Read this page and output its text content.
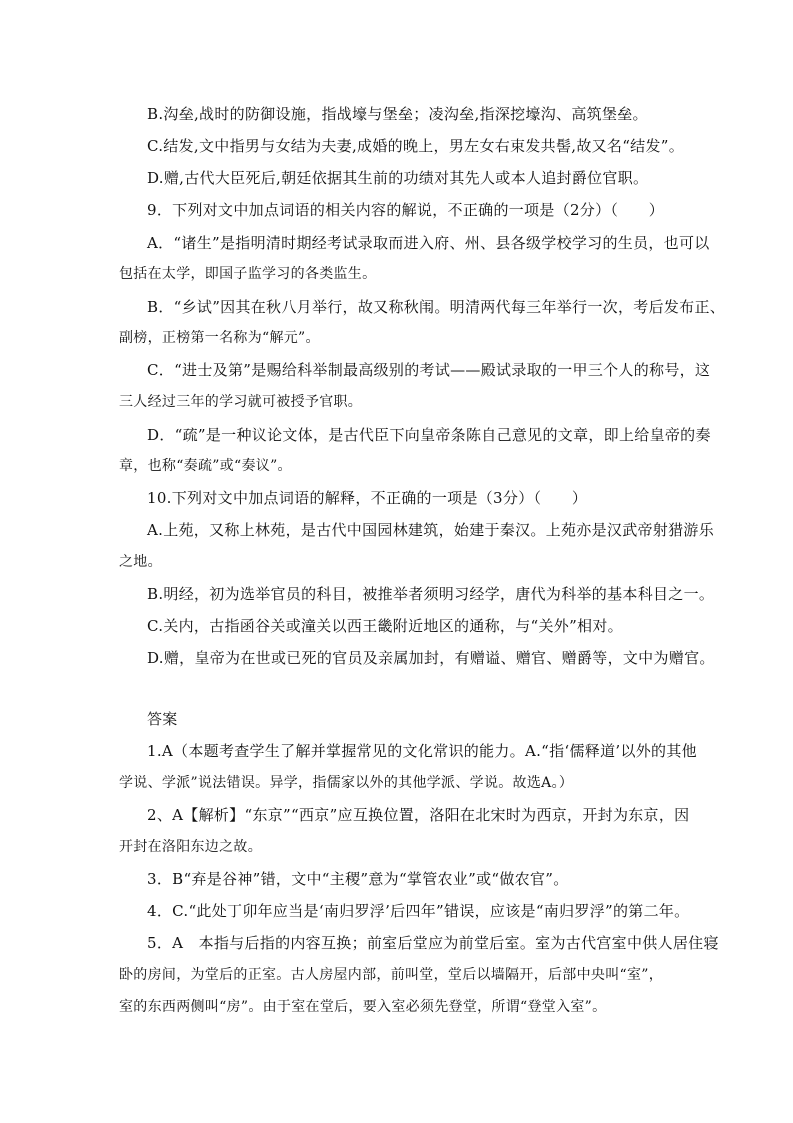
B.沟垒,战时的防御设施，指战壕与堡垒；凌沟垒,指深挖壕沟、高筑堡垒。
C.结发,文中指男与女结为夫妻,成婚的晚上，男左女右束发共髻,故又名“结发”。
D.赠,古代大臣死后,朝廷依据其生前的功绩对其先人或本人追封爵位官职。
9．下列对文中加点词语的相关内容的解说，不正确的一项是（2分）（　　）
A．“诸生”是指明清时期经考试录取而进入府、州、县各级学校学习的生员，也可以
包括在太学，即国子监学习的各类监生。
B．“乡试”因其在秋八月举行，故又称秋闱。明清两代每三年举行一次，考后发布正、
副榜，正榜第一名称为“解元”。
C．“进士及第”是赐给科举制最高级别的考试——殿试录取的一甲三个人的称号，这
三人经过三年的学习就可被授予官职。
D．“疏”是一种议论文体，是古代臣下向皇帝条陈自己意见的文章，即上给皇帝的奏
章，也称“奏疏”或“奏议”。
10.下列对文中加点词语的解释，不正确的一项是（3分）（　　）
A.上苑，又称上林苑，是古代中国园林建筑，始建于秦汉。上苑亦是汉武帝射猎游乐
之地。
B.明经，初为选举官员的科目，被推举者须明习经学，唐代为科举的基本科目之一。
C.关内，古指函谷关或潼关以西王畿附近地区的通称，与“关外”相对。
D.赠，皇帝为在世或已死的官员及亲属加封，有赠谥、赠官、赠爵等，文中为赠官。
答案
1.A（本题考查学生了解并掌握常见的文化常识的能力。A.“指‘儒释道’以外的其他
学说、学派”说法错误。异学，指儒家以外的其他学派、学说。故选A。）
2、A【解析】“东京”“西京”应互换位置，洛阳在北宋时为西京，开封为东京，因
开封在洛阳东边之故。
3．B“弃是谷神”错，文中“主稷”意为“掌管农业”或“做农官”。
4．C.“此处丁卯年应当是‘南归罗浮’后四年”错误，应该是“南归罗浮”的第二年。
5．A　本指与后指的内容互换；前室后堂应为前堂后室。室为古代宫室中供人居住寝
卧的房间，为堂后的正室。古人房屋内部，前叫堂，堂后以墙隔开，后部中央叫“室”，
室的东西两侧叫“房”。由于室在堂后，要入室必须先登堂，所谓“登堂入室”。
